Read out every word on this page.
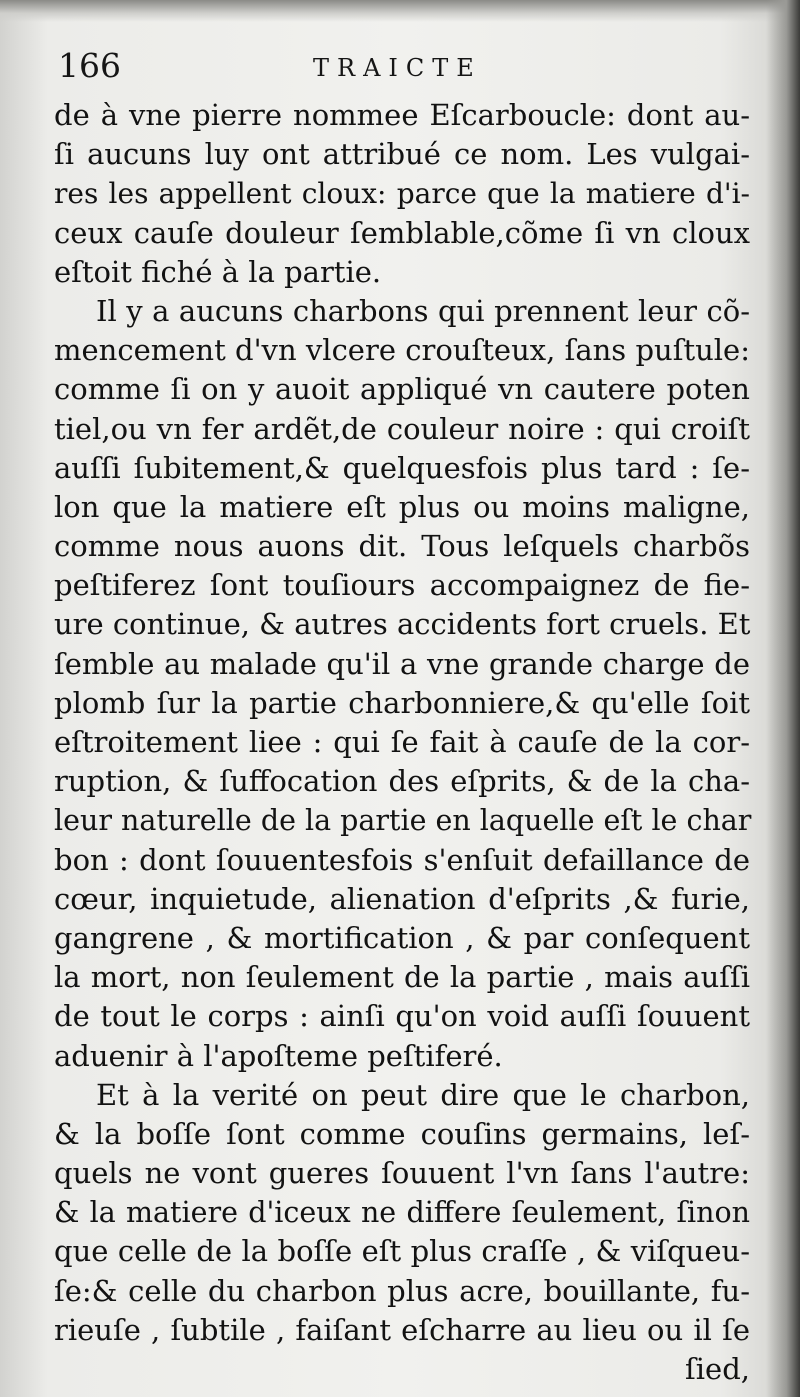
166	TRAICTE
de à vne pierre nommee Eſcarboucle: dont au-
ſi aucuns luy ont attribué ce nom. Les vulgai-
res les appellent cloux: parce que la matiere d'i-
ceux cauſe douleur ſemblable,cõme ſi vn cloux
eſtoit fiché à la partie.
Il y a aucuns charbons qui prennent leur cõ-
mencement d'vn vlcere crouſteux, ſans puſtule:
comme ſi on y auoit appliqué vn cautere poten
tiel,ou vn fer ardẽt,de couleur noire : qui croiſt
auſſi ſubitement,& quelquesfois plus tard : ſe-
lon que la matiere eſt plus ou moins maligne,
comme nous auons dit. Tous leſquels charbõs
peſtiferez ſont touſiours accompaignez de fie-
ure continue, & autres accidents fort cruels. Et
ſemble au malade qu'il a vne grande charge de
plomb ſur la partie charbonniere,& qu'elle ſoit
eſtroitement liee : qui ſe fait à cauſe de la cor-
ruption, & ſuffocation des eſprits, & de la cha-
leur naturelle de la partie en laquelle eſt le char
bon : dont ſouuentesfois s'enſuit defaillance de
cœur, inquietude, alienation d'eſprits ,& furie,
gangrene , & mortification , & par conſequent
la mort, non ſeulement de la partie , mais auſſi
de tout le corps : ainſi qu'on void auſſi ſouuent
aduenir à l'apoſteme peſtiferé.
Et à la verité on peut dire que le charbon,
& la boſſe ſont comme couſins germains, leſ-
quels ne vont gueres ſouuent l'vn ſans l'autre:
& la matiere d'iceux ne differe ſeulement, ſinon
que celle de la boſſe eſt plus craſſe , & viſqueu-
ſe:& celle du charbon plus acre, bouillante, fu-
rieuſe , ſubtile , faiſant eſcharre au lieu ou il ſe
ſied,
